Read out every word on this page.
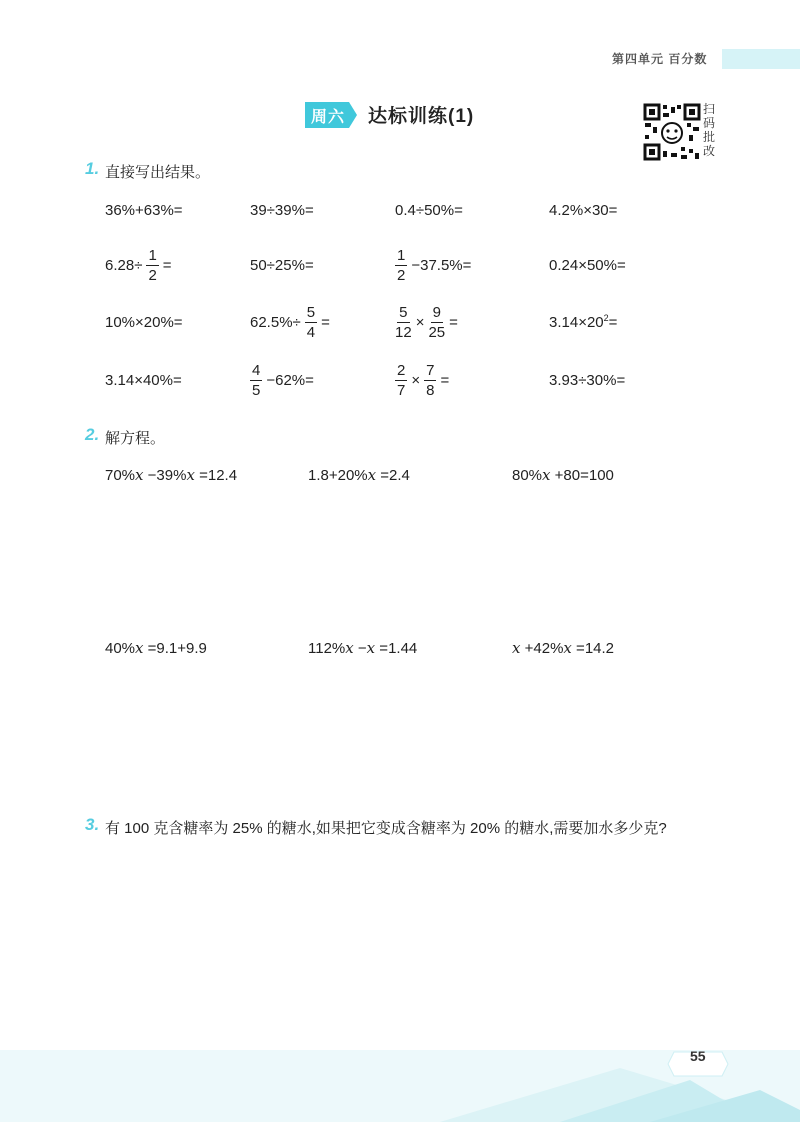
第四单元 百分数
周六 达标训练(1)	扫码批改
1. 直接写出结果。
36%+63%=	39÷39%=	0.4÷50%=	4.2%×30=
$6.28\div \frac{1}{2}$ =	50÷25%=	$\frac{1}{2} -37.5\%=$	0.24×50%=
10%×20%=	$62.5\%\div \frac{5}{4}$ =	$\frac{5}{12} \times \frac{9}{25}$ =	$3.14\times 20^2=$
3.14×40%=	$\frac{4}{5} -62\%=$	$\frac{2}{7} \times \frac{7}{8}$ =	3.93÷30%=
2. 解方程。
70%x −39%x =12.4	1.8+20%x =2.4	80%x +80=100
40%x =9.1+9.9	112%x −x =1.44	x +42%x =14.2
3. 有 100 克含糖率为 25% 的糖水,如果把它变成含糖率为 20% 的糖水,需要加水多少克?
55
